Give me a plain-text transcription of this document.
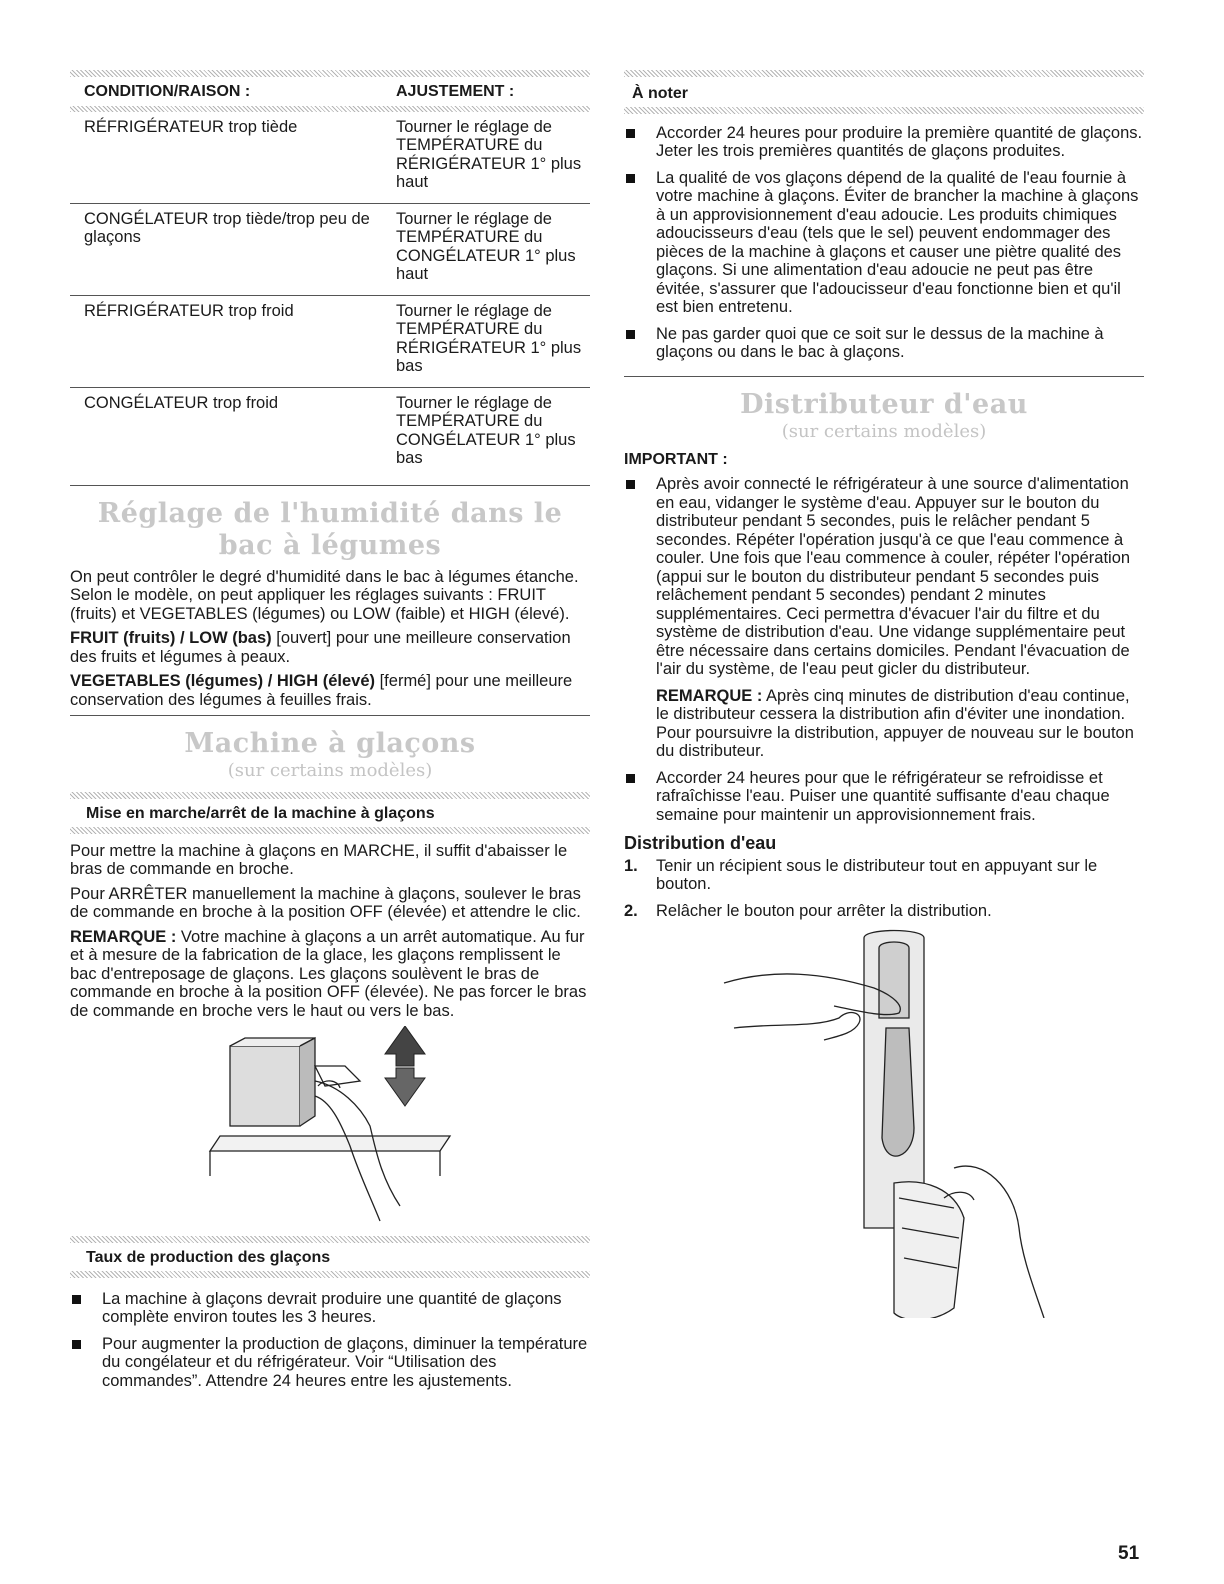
CONDITION/RAISON :	AJUSTEMENT :

RÉFRIGÉRATEUR trop tiède	Tourner le réglage de TEMPÉRATURE du RÉRIGÉRATEUR 1° plus haut
CONGÉLATEUR trop tiède/trop peu de glaçons	Tourner le réglage de TEMPÉRATURE du CONGÉLATEUR 1° plus haut
RÉFRIGÉRATEUR trop froid	Tourner le réglage de TEMPÉRATURE du RÉRIGÉRATEUR 1° plus bas
CONGÉLATEUR trop froid	Tourner le réglage de TEMPÉRATURE du CONGÉLATEUR 1° plus bas
Réglage de l'humidité dans le bac à légumes

On peut contrôler le degré d'humidité dans le bac à légumes étanche. Selon le modèle, on peut appliquer les réglages suivants : FRUIT (fruits) et VEGETABLES (légumes) ou LOW (faible) et HIGH (élevé).

FRUIT (fruits) / LOW (bas) [ouvert] pour une meilleure conservation des fruits et légumes à peaux.

VEGETABLES (légumes) / HIGH (élevé) [fermé] pour une meilleure conservation des légumes à feuilles frais.

Machine à glaçons
(sur certains modèles)
Mise en marche/arrêt de la machine à glaçons

Pour mettre la machine à glaçons en MARCHE, il suffit d'abaisser le bras de commande en broche.

Pour ARRÊTER manuellement la machine à glaçons, soulever le bras de commande en broche à la position OFF (élevée) et attendre le clic.

REMARQUE : Votre machine à glaçons a un arrêt automatique. Au fur et à mesure de la fabrication de la glace, les glaçons remplissent le bac d'entreposage de glaçons. Les glaçons soulèvent le bras de commande en broche à la position OFF (élevée). Ne pas forcer le bras de commande en broche vers le haut ou vers le bas.

Taux de production des glaçons
La machine à glaçons devrait produire une quantité de glaçons complète environ toutes les 3 heures.
Pour augmenter la production de glaçons, diminuer la température du congélateur et du réfrigérateur. Voir “Utilisation des commandes”. Attendre 24 heures entre les ajustements.
À noter
Accorder 24 heures pour produire la première quantité de glaçons. Jeter les trois premières quantités de glaçons produites.
La qualité de vos glaçons dépend de la qualité de l'eau fournie à votre machine à glaçons. Éviter de brancher la machine à glaçons à un approvisionnement d'eau adoucie. Les produits chimiques adoucisseurs d'eau (tels que le sel) peuvent endommager des pièces de la machine à glaçons et causer une piètre qualité des glaçons. Si une alimentation d'eau adoucie ne peut pas être évitée, s'assurer que l'adoucisseur d'eau fonctionne bien et qu'il est bien entretenu.
Ne pas garder quoi que ce soit sur le dessus de la machine à glaçons ou dans le bac à glaçons.
Distributeur d'eau
(sur certains modèles)
IMPORTANT :
Après avoir connecté le réfrigérateur à une source d'alimentation en eau, vidanger le système d'eau. Appuyer sur le bouton du distributeur pendant 5 secondes, puis le relâcher pendant 5 secondes. Répéter l'opération jusqu'à ce que l'eau commence à couler. Une fois que l'eau commence à couler, répéter l'opération (appui sur le bouton du distributeur pendant 5 secondes puis relâchement pendant 5 secondes) pendant 2 minutes supplémentaires. Ceci permettra d'évacuer l'air du filtre et du système de distribution d'eau. Une vidange supplémentaire peut être nécessaire dans certains domiciles. Pendant l'évacuation de l'air du système, de l'eau peut gicler du distributeur.

REMARQUE : Après cinq minutes de distribution d'eau continue, le distributeur cessera la distribution afin d'éviter une inondation. Pour poursuivre la distribution, appuyer de nouveau sur le bouton du distributeur.

Accorder 24 heures pour que le réfrigérateur se refroidisse et rafraîchisse l'eau. Puiser une quantité suffisante d'eau chaque semaine pour maintenir un approvisionnement frais.
Distribution d'eau
1. Tenir un récipient sous le distributeur tout en appuyant sur le bouton.
2. Relâcher le bouton pour arrêter la distribution.
51
